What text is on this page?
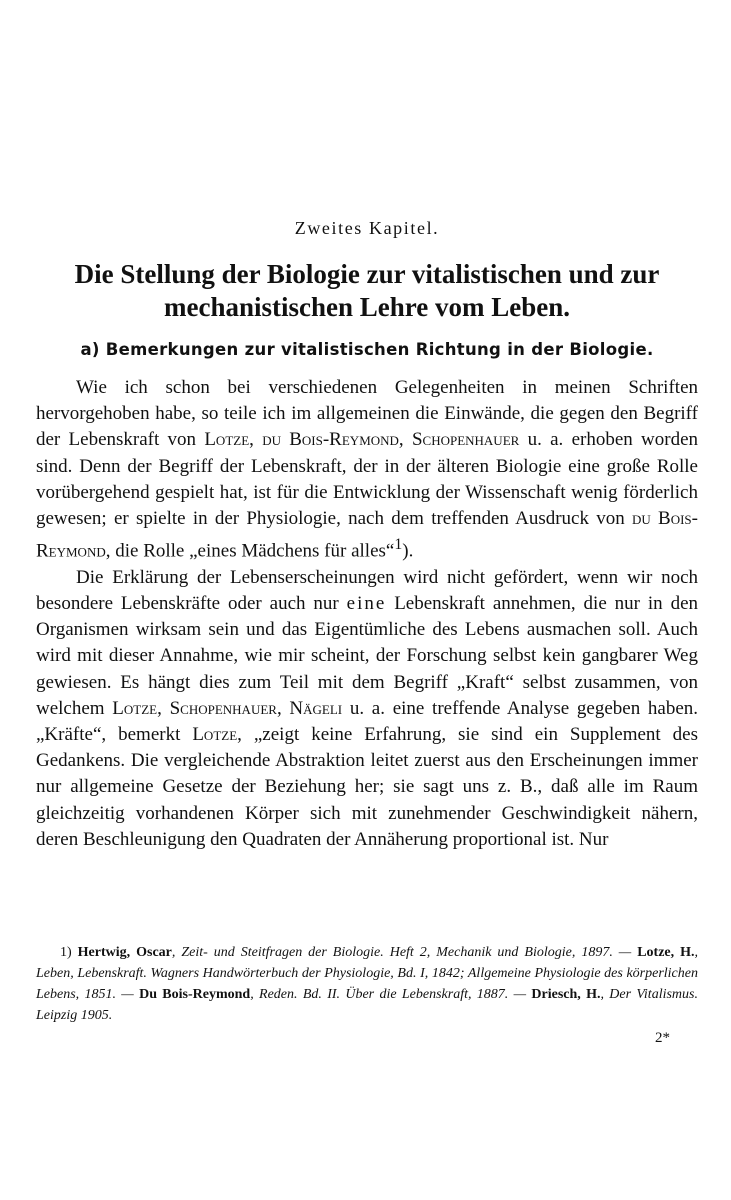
Zweites Kapitel.
Die Stellung der Biologie zur vitalistischen und zur
mechanistischen Lehre vom Leben.
a) Bemerkungen zur vitalistischen Richtung in der Biologie.

Wie ich schon bei verschiedenen Gelegenheiten in meinen Schriften hervorgehoben habe, so teile ich im allgemeinen die Einwände, die gegen den Begriff der Lebenskraft von Lotze, du Bois-Reymond, Schopenhauer u. a. erhoben worden sind. Denn der Begriff der Lebenskraft, der in der älteren Biologie eine große Rolle vorübergehend gespielt hat, ist für die Entwicklung der Wissenschaft wenig förderlich gewesen; er spielte in der Physiologie, nach dem treffenden Ausdruck von du Bois-Reymond, die Rolle „eines Mädchens für alles“$^1$).

Die Erklärung der Lebenserscheinungen wird nicht gefördert, wenn wir noch besondere Lebenskräfte oder auch nur eine Lebenskraft annehmen, die nur in den Organismen wirksam sein und das Eigentümliche des Lebens ausmachen soll. Auch wird mit dieser Annahme, wie mir scheint, der Forschung selbst kein gangbarer Weg gewiesen. Es hängt dies zum Teil mit dem Begriff „Kraft“ selbst zusammen, von welchem Lotze, Schopenhauer, Nägeli u. a. eine treffende Analyse gegeben haben. „Kräfte“, bemerkt Lotze, „zeigt keine Erfahrung, sie sind ein Supplement des Gedankens. Die vergleichende Abstraktion leitet zuerst aus den Erscheinungen immer nur allgemeine Gesetze der Beziehung her; sie sagt uns z. B., daß alle im Raum gleichzeitig vorhandenen Körper sich mit zunehmender Geschwindigkeit nähern, deren Beschleunigung den Quadraten der Annäherung proportional ist. Nur

1) Hertwig, Oscar, Zeit- und Steitfragen der Biologie. Heft 2, Mechanik und Biologie, 1897. — Lotze, H., Leben, Lebenskraft. Wagners Handwörterbuch der Physiologie, Bd. I, 1842; Allgemeine Physiologie des körperlichen Lebens, 1851. — Du Bois-Reymond, Reden. Bd. II. Über die Lebenskraft, 1887. — Driesch, H., Der Vitalismus. Leipzig 1905.
2*
